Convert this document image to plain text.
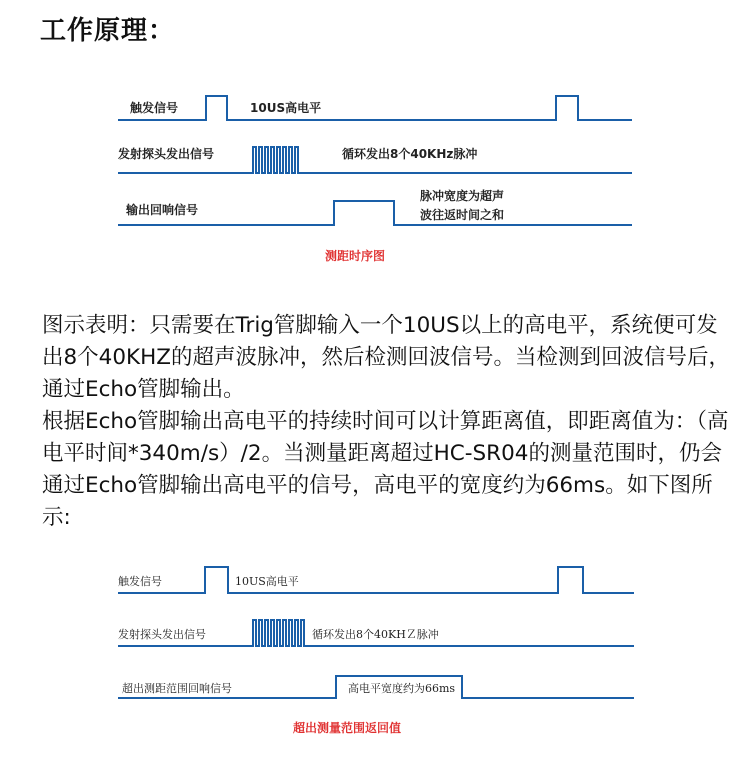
工作原理：
触发信号	10US高电平
发射探头发出信号	循环发出8个40KHz脉冲
输出回响信号
脉冲宽度为超声
波往返时间之和
测距时序图

图示表明：只需要在Trig管脚输入一个10US以上的高电平，系统便可发出8个40KHZ的超声波脉冲，然后检测回波信号。当检测到回波信号后，通过Echo管脚输出。

根据Echo管脚输出高电平的持续时间可以计算距离值，即距离值为：（高电平时间*340m/s）/2。当测量距离超过HC-SR04的测量范围时，仍会通过Echo管脚输出高电平的信号，高电平的宽度约为66ms。如下图所示:

触发信号	10US高电平
发射探头发出信号	循环发出8个40KHＺ脉冲
超出测距范围回响信号	高电平宽度约为66ms
超出测量范围返回值
